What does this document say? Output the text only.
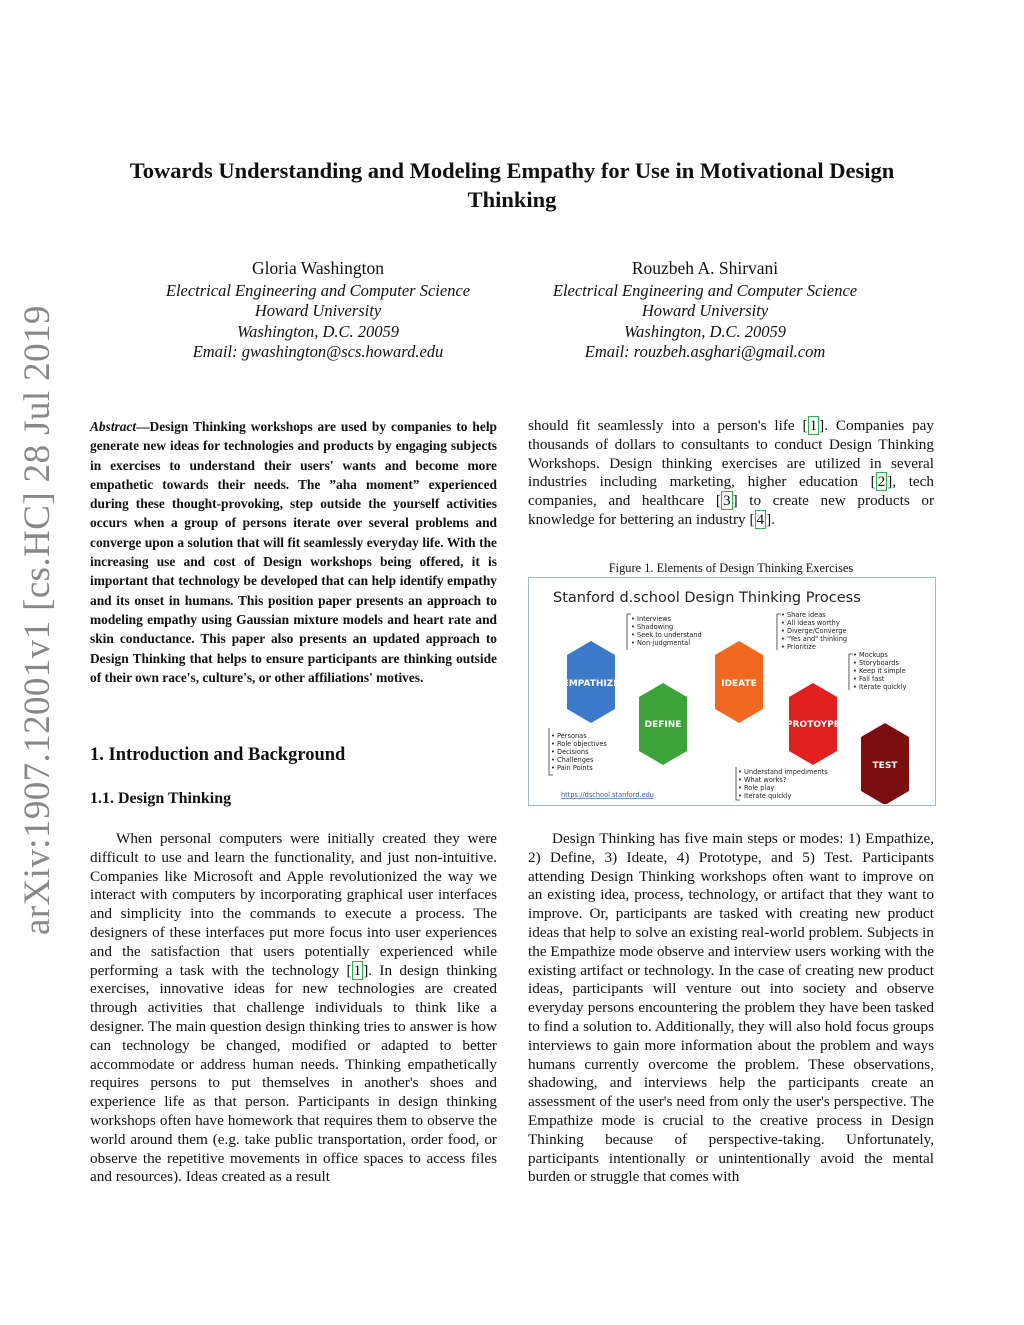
arXiv:1907.12001v1 [cs.HC] 28 Jul 2019
Towards Understanding and Modeling Empathy for Use in Motivational Design Thinking
Gloria Washington
Electrical Engineering and Computer Science
Howard University
Washington, D.C. 20059
Email: gwashington@scs.howard.edu
Rouzbeh A. Shirvani
Electrical Engineering and Computer Science
Howard University
Washington, D.C. 20059
Email: rouzbeh.asghari@gmail.com
Abstract—Design Thinking workshops are used by companies to help generate new ideas for technologies and products by engaging subjects in exercises to understand their users' wants and become more empathetic towards their needs. The ”aha moment” experienced during these thought-provoking, step outside the yourself activities occurs when a group of persons iterate over several problems and converge upon a solution that will fit seamlessly everyday life. With the increasing use and cost of Design workshops being offered, it is important that technology be developed that can help identify empathy and its onset in humans. This position paper presents an approach to modeling empathy using Gaussian mixture models and heart rate and skin conductance. This paper also presents an updated approach to Design Thinking that helps to ensure participants are thinking outside of their own race's, culture's, or other affiliations' motives.
1. Introduction and Background
1.1. Design Thinking
When personal computers were initially created they were difficult to use and learn the functionality, and just non-intuitive. Companies like Microsoft and Apple revolutionized the way we interact with computers by incorporating graphical user interfaces and simplicity into the commands to execute a process. The designers of these interfaces put more focus into user experiences and the satisfaction that users potentially experienced while performing a task with the technology [ 1 ]. In design thinking exercises, innovative ideas for new technologies are created through activities that challenge individuals to think like a designer. The main question design thinking tries to answer is how can technology be changed, modified or adapted to better accommodate or address human needs. Thinking empathetically requires persons to put themselves in another's shoes and experience life as that person. Participants in design thinking workshops often have homework that requires them to observe the world around them (e.g. take public transportation, order food, or observe the repetitive movements in office spaces to access files and resources). Ideas created as a result
should fit seamlessly into a person's life [ 1 ]. Companies pay thousands of dollars to consultants to conduct Design Thinking Workshops. Design thinking exercises are utilized in several industries including marketing, higher education [ 2 ], tech companies, and healthcare [ 3 ] to create new products or knowledge for bettering an industry [ 4 ].
Figure 1. Elements of Design Thinking Exercises
Stanford d.school Design Thinking Process
EMPATHIZE
DEFINE
IDEATE
PROTOYPE
TEST
• Interviews
• Shadowing
• Seek to understand
• Non-judgmental
• Share ideas
• All ideas worthy
• Diverge/Converge
• "Yes and" thinking
• Prioritize
• Mockups
• Storyboards
• Keep it simple
• Fail fast
• Iterate quickly
• Personas
• Role objectives
• Decisions
• Challenges
• Pain Points	• Understand impediments
• What works?
• Role play
• Iterate quickly
https://dschool.stanford.edu
Design Thinking has five main steps or modes: 1) Empathize, 2) Define, 3) Ideate, 4) Prototype, and 5) Test. Participants attending Design Thinking workshops often want to improve on an existing idea, process, technology, or artifact that they want to improve. Or, participants are tasked with creating new product ideas that help to solve an existing real-world problem. Subjects in the Empathize mode observe and interview users working with the existing artifact or technology. In the case of creating new product ideas, participants will venture out into society and observe everyday persons encountering the problem they have been tasked to find a solution to. Additionally, they will also hold focus groups interviews to gain more information about the problem and ways humans currently overcome the problem. These observations, shadowing, and interviews help the participants create an assessment of the user's need from only the user's perspective. The Empathize mode is crucial to the creative process in Design Thinking because of perspective-taking. Unfortunately, participants intentionally or unintentionally avoid the mental burden or struggle that comes with
